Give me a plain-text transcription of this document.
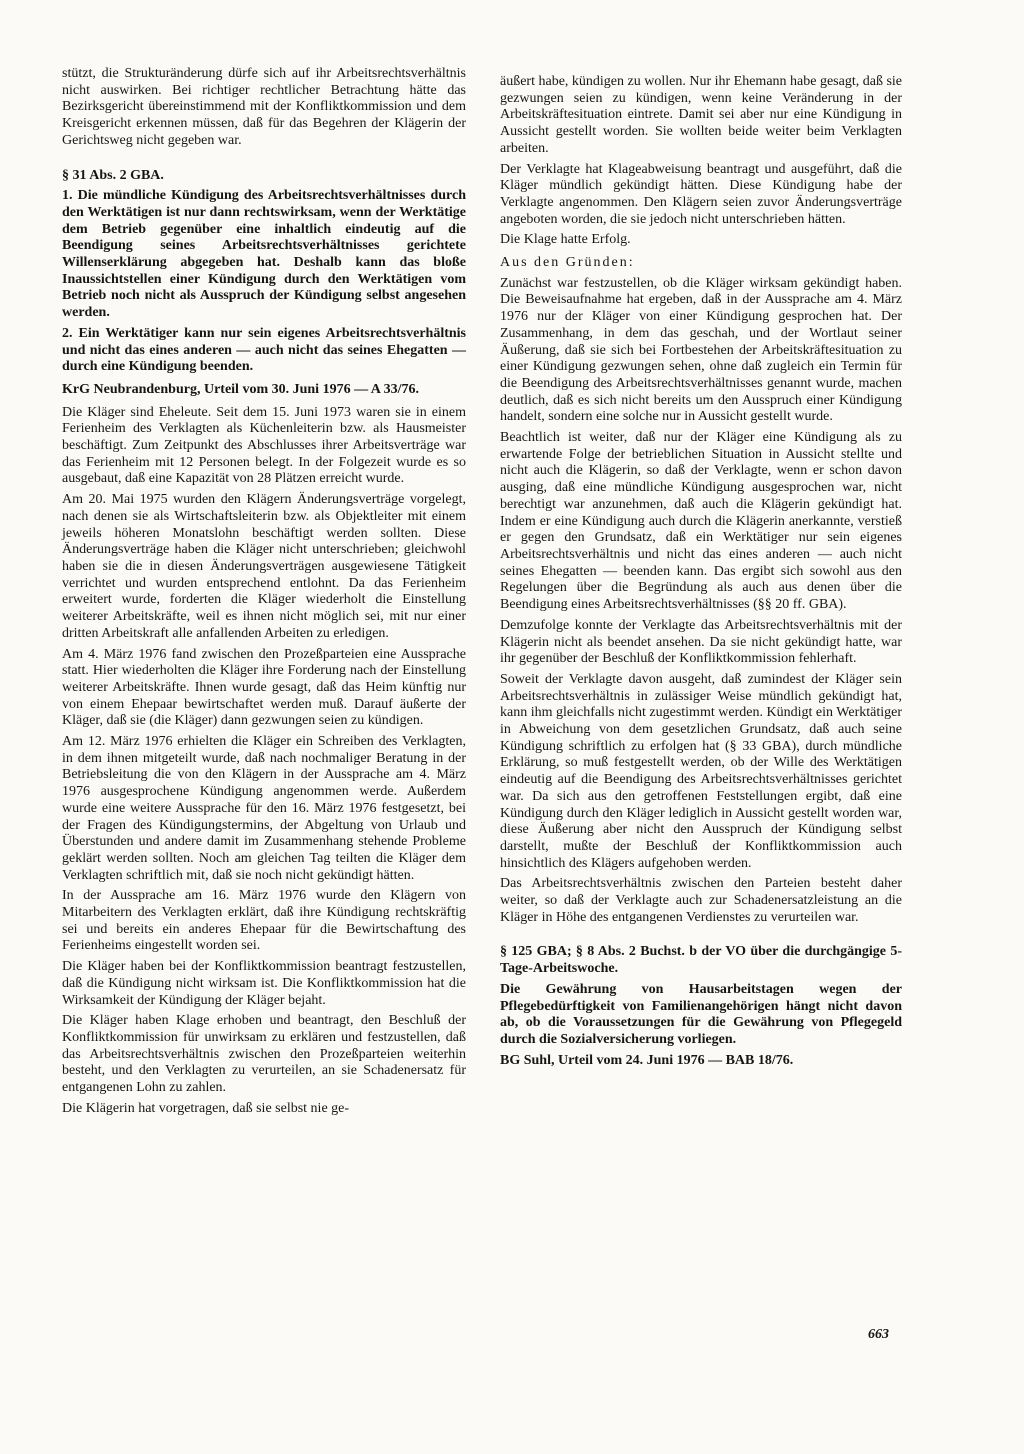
stützt, die Strukturänderung dürfe sich auf ihr Arbeitsrechtsverhältnis nicht auswirken. Bei richtiger rechtlicher Betrachtung hätte das Bezirksgericht übereinstimmend mit der Konfliktkommission und dem Kreisgericht erkennen müssen, daß für das Begehren der Klägerin der Gerichtsweg nicht gegeben war.

§ 31 Abs. 2 GBA.

1. Die mündliche Kündigung des Arbeitsrechtsverhältnisses durch den Werktätigen ist nur dann rechtswirksam, wenn der Werktätige dem Betrieb gegenüber eine inhaltlich eindeutig auf die Beendigung seines Arbeitsrechtsverhältnisses gerichtete Willenserklärung abgegeben hat. Deshalb kann das bloße Inaussichtstellen einer Kündigung durch den Werktätigen vom Betrieb noch nicht als Ausspruch der Kündigung selbst angesehen werden.

2. Ein Werktätiger kann nur sein eigenes Arbeitsrechtsverhältnis und nicht das eines anderen — auch nicht das seines Ehegatten — durch eine Kündigung beenden.

KrG Neubrandenburg, Urteil vom 30. Juni 1976 — A 33/76.

Die Kläger sind Eheleute. Seit dem 15. Juni 1973 waren sie in einem Ferienheim des Verklagten als Küchenleiterin bzw. als Hausmeister beschäftigt. Zum Zeitpunkt des Abschlusses ihrer Arbeitsverträge war das Ferienheim mit 12 Personen belegt. In der Folgezeit wurde es so ausgebaut, daß eine Kapazität von 28 Plätzen erreicht wurde.

Am 20. Mai 1975 wurden den Klägern Änderungsverträge vorgelegt, nach denen sie als Wirtschaftsleiterin bzw. als Objektleiter mit einem jeweils höheren Monatslohn beschäftigt werden sollten. Diese Änderungsverträge haben die Kläger nicht unterschrieben; gleichwohl haben sie die in diesen Änderungsverträgen ausgewiesene Tätigkeit verrichtet und wurden entsprechend entlohnt. Da das Ferienheim erweitert wurde, forderten die Kläger wiederholt die Einstellung weiterer Arbeitskräfte, weil es ihnen nicht möglich sei, mit nur einer dritten Arbeitskraft alle anfallenden Arbeiten zu erledigen.

Am 4. März 1976 fand zwischen den Prozeßparteien eine Aussprache statt. Hier wiederholten die Kläger ihre Forderung nach der Einstellung weiterer Arbeitskräfte. Ihnen wurde gesagt, daß das Heim künftig nur von einem Ehepaar bewirtschaftet werden muß. Darauf äußerte der Kläger, daß sie (die Kläger) dann gezwungen seien zu kündigen.

Am 12. März 1976 erhielten die Kläger ein Schreiben des Verklagten, in dem ihnen mitgeteilt wurde, daß nach nochmaliger Beratung in der Betriebsleitung die von den Klägern in der Aussprache am 4. März 1976 ausgesprochene Kündigung angenommen werde. Außerdem wurde eine weitere Aussprache für den 16. März 1976 festgesetzt, bei der Fragen des Kündigungstermins, der Abgeltung von Urlaub und Überstunden und andere damit im Zusammenhang stehende Probleme geklärt werden sollten. Noch am gleichen Tag teilten die Kläger dem Verklagten schriftlich mit, daß sie noch nicht gekündigt hätten.

In der Aussprache am 16. März 1976 wurde den Klägern von Mitarbeitern des Verklagten erklärt, daß ihre Kündigung rechtskräftig sei und bereits ein anderes Ehepaar für die Bewirtschaftung des Ferienheims eingestellt worden sei.

Die Kläger haben bei der Konfliktkommission beantragt festzustellen, daß die Kündigung nicht wirksam ist. Die Konfliktkommission hat die Wirksamkeit der Kündigung der Kläger bejaht.

Die Kläger haben Klage erhoben und beantragt, den Beschluß der Konfliktkommission für unwirksam zu erklären und festzustellen, daß das Arbeitsrechtsverhältnis zwischen den Prozeßparteien weiterhin besteht, und den Verklagten zu verurteilen, an sie Schadenersatz für entgangenen Lohn zu zahlen.

Die Klägerin hat vorgetragen, daß sie selbst nie ge-

äußert habe, kündigen zu wollen. Nur ihr Ehemann habe gesagt, daß sie gezwungen seien zu kündigen, wenn keine Veränderung in der Arbeitskräftesituation eintrete. Damit sei aber nur eine Kündigung in Aussicht gestellt worden. Sie wollten beide weiter beim Verklagten arbeiten.

Der Verklagte hat Klageabweisung beantragt und ausgeführt, daß die Kläger mündlich gekündigt hätten. Diese Kündigung habe der Verklagte angenommen. Den Klägern seien zuvor Änderungsverträge angeboten worden, die sie jedoch nicht unterschrieben hätten.

Die Klage hatte Erfolg.

Aus den Gründen:

Zunächst war festzustellen, ob die Kläger wirksam gekündigt haben. Die Beweisaufnahme hat ergeben, daß in der Aussprache am 4. März 1976 nur der Kläger von einer Kündigung gesprochen hat. Der Zusammenhang, in dem das geschah, und der Wortlaut seiner Äußerung, daß sie sich bei Fortbestehen der Arbeitskräftesituation zu einer Kündigung gezwungen sehen, ohne daß zugleich ein Termin für die Beendigung des Arbeitsrechtsverhältnisses genannt wurde, machen deutlich, daß es sich nicht bereits um den Ausspruch einer Kündigung handelt, sondern eine solche nur in Aussicht gestellt wurde.

Beachtlich ist weiter, daß nur der Kläger eine Kündigung als zu erwartende Folge der betrieblichen Situation in Aussicht stellte und nicht auch die Klägerin, so daß der Verklagte, wenn er schon davon ausging, daß eine mündliche Kündigung ausgesprochen war, nicht berechtigt war anzunehmen, daß auch die Klägerin gekündigt hat. Indem er eine Kündigung auch durch die Klägerin anerkannte, verstieß er gegen den Grundsatz, daß ein Werktätiger nur sein eigenes Arbeitsrechtsverhältnis und nicht das eines anderen — auch nicht seines Ehegatten — beenden kann. Das ergibt sich sowohl aus den Regelungen über die Begründung als auch aus denen über die Beendigung eines Arbeitsrechtsverhältnisses (§§ 20 ff. GBA).

Demzufolge konnte der Verklagte das Arbeitsrechtsverhältnis mit der Klägerin nicht als beendet ansehen. Da sie nicht gekündigt hatte, war ihr gegenüber der Beschluß der Konfliktkommission fehlerhaft.

Soweit der Verklagte davon ausgeht, daß zumindest der Kläger sein Arbeitsrechtsverhältnis in zulässiger Weise mündlich gekündigt hat, kann ihm gleichfalls nicht zugestimmt werden. Kündigt ein Werktätiger in Abweichung von dem gesetzlichen Grundsatz, daß auch seine Kündigung schriftlich zu erfolgen hat (§ 33 GBA), durch mündliche Erklärung, so muß festgestellt werden, ob der Wille des Werktätigen eindeutig auf die Beendigung des Arbeitsrechtsverhältnisses gerichtet war. Da sich aus den getroffenen Feststellungen ergibt, daß eine Kündigung durch den Kläger lediglich in Aussicht gestellt worden war, diese Äußerung aber nicht den Ausspruch der Kündigung selbst darstellt, mußte der Beschluß der Konfliktkommission auch hinsichtlich des Klägers aufgehoben werden.

Das Arbeitsrechtsverhältnis zwischen den Parteien besteht daher weiter, so daß der Verklagte auch zur Schadenersatzleistung an die Kläger in Höhe des entgangenen Verdienstes zu verurteilen war.

§ 125 GBA; § 8 Abs. 2 Buchst. b der VO über die durchgängige 5-Tage-Arbeitswoche.

Die Gewährung von Hausarbeitstagen wegen der Pflegebedürftigkeit von Familienangehörigen hängt nicht davon ab, ob die Voraussetzungen für die Gewährung von Pflegegeld durch die Sozialversicherung vorliegen.

BG Suhl, Urteil vom 24. Juni 1976 — BAB 18/76.

663
